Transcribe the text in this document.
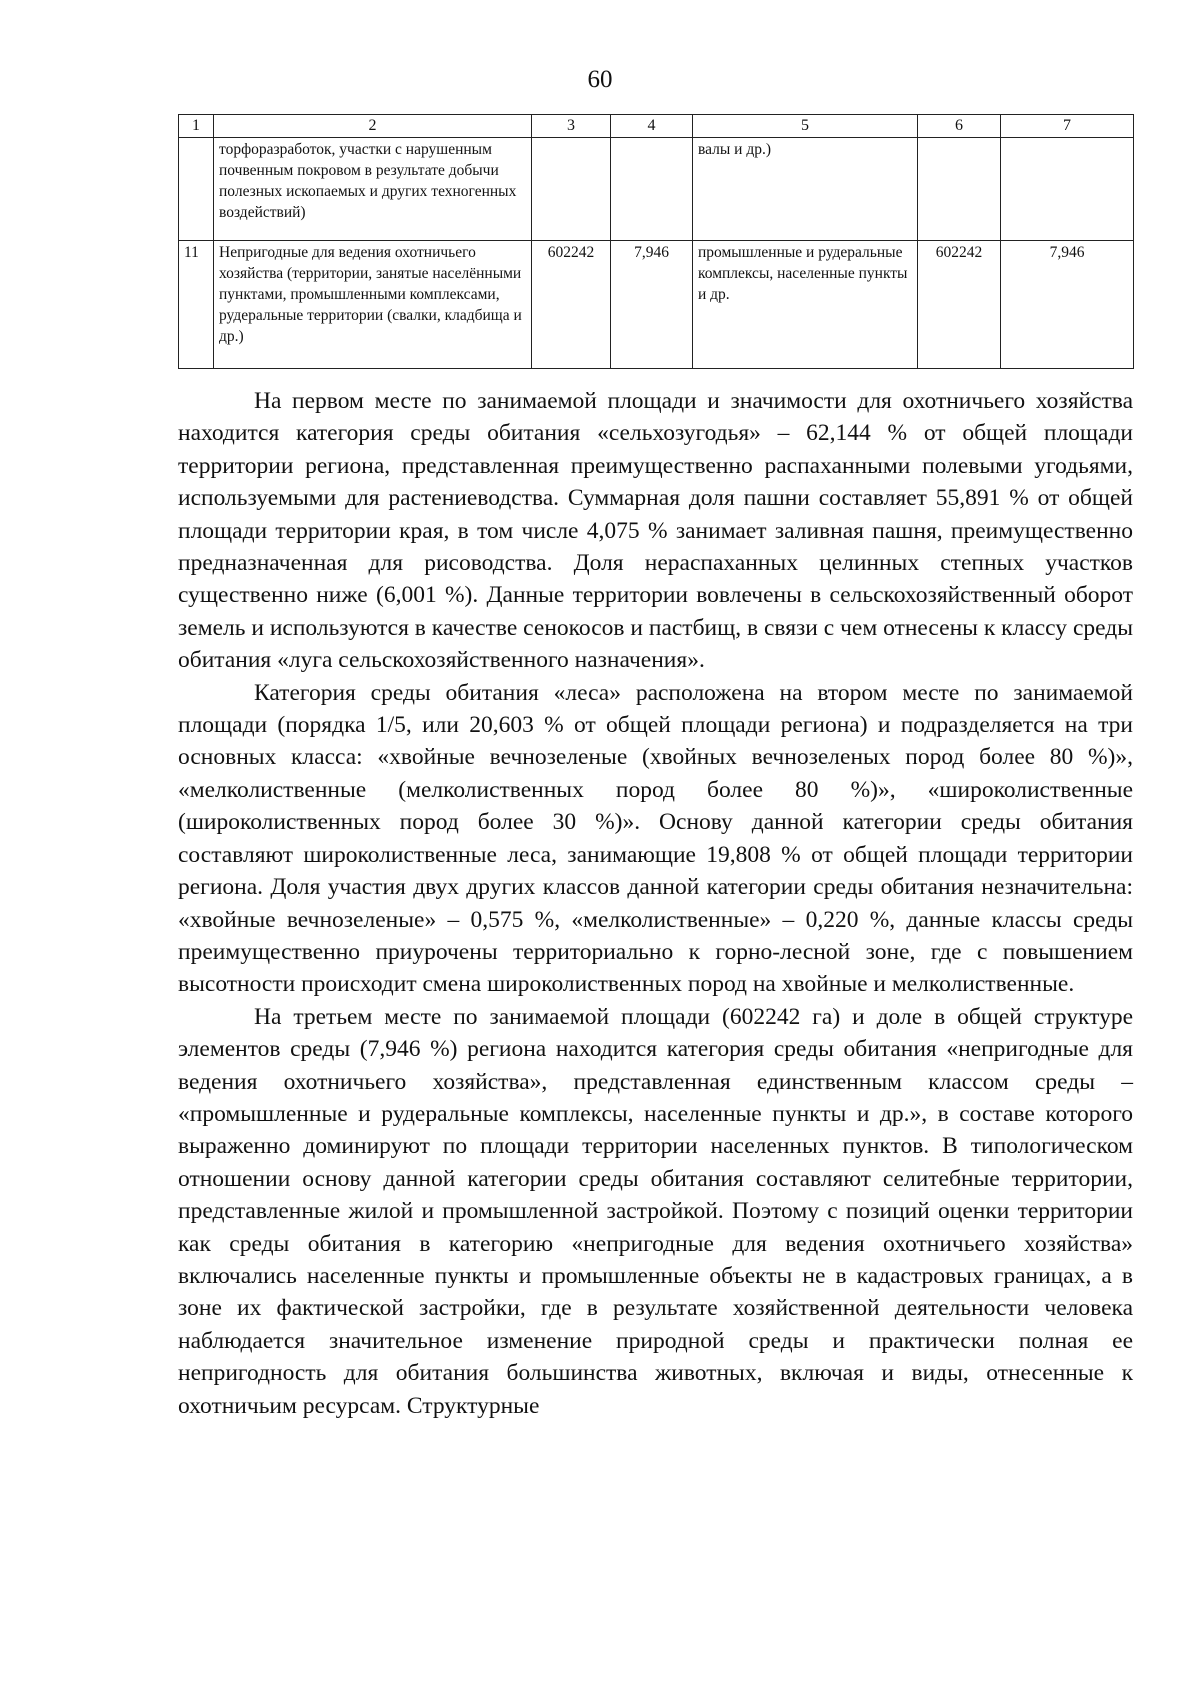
60
1	2	3	4	5	6	7
	торфоразработок, участки с нарушенным почвенным покровом в результате добычи полезных ископаемых и других техногенных воздействий)			валы и др.)		
11	Непригодные для ведения охотничьего хозяйства (территории, занятые населёнными пунктами, промышленными комплексами, рудеральные территории (свалки, кладбища и др.)	602242	7,946	промышленные и рудеральные комплексы, населенные пункты и др.	602242	7,946

На первом месте по занимаемой площади и значимости для охотничьего хозяйства находится категория среды обитания «сельхозугодья» – 62,144 % от общей площади территории региона, представленная преимущественно распаханными полевыми угодьями, используемыми для растениеводства. Суммарная доля пашни составляет 55,891 % от общей площади территории края, в том числе 4,075 % занимает заливная пашня, преимущественно предназначенная для рисоводства. Доля нераспаханных целинных степных участков существенно ниже (6,001 %). Данные территории вовлечены в сельскохозяйственный оборот земель и используются в качестве сенокосов и пастбищ, в связи с чем отнесены к классу среды обитания «луга сельскохозяйственного назначения».

Категория среды обитания «леса» расположена на втором месте по занимаемой площади (порядка 1/5, или 20,603 % от общей площади региона) и подразделяется на три основных класса: «хвойные вечнозеленые (хвойных вечнозеленых пород более 80 %)», «мелколиственные (мелколиственных пород более 80 %)», «широколиственные (широколиственных пород более 30 %)». Основу данной категории среды обитания составляют широколиственные леса, занимающие 19,808 % от общей площади территории региона. Доля участия двух других классов данной категории среды обитания незначительна: «хвойные вечнозеленые» – 0,575 %, «мелколиственные» – 0,220 %, данные классы среды преимущественно приурочены территориально к горно-лесной зоне, где с повышением высотности происходит смена широколиственных пород на хвойные и мелколиственные.

На третьем месте по занимаемой площади (602242 га) и доле в общей структуре элементов среды (7,946 %) региона находится категория среды обитания «непригодные для ведения охотничьего хозяйства», представленная единственным классом среды – «промышленные и рудеральные комплексы, населенные пункты и др.», в составе которого выраженно доминируют по площади территории населенных пунктов. В типологическом отношении основу данной категории среды обитания составляют селитебные территории, представленные жилой и промышленной застройкой. Поэтому с позиций оценки территории как среды обитания в категорию «непригодные для ведения охотничьего хозяйства» включались населенные пункты и промышленные объекты не в кадастровых границах, а в зоне их фактической застройки, где в результате хозяйственной деятельности человека наблюдается значительное изменение природной среды и практически полная ее непригодность для обитания большинства животных, включая и виды, отнесенные к охотничьим ресурсам. Структурные
